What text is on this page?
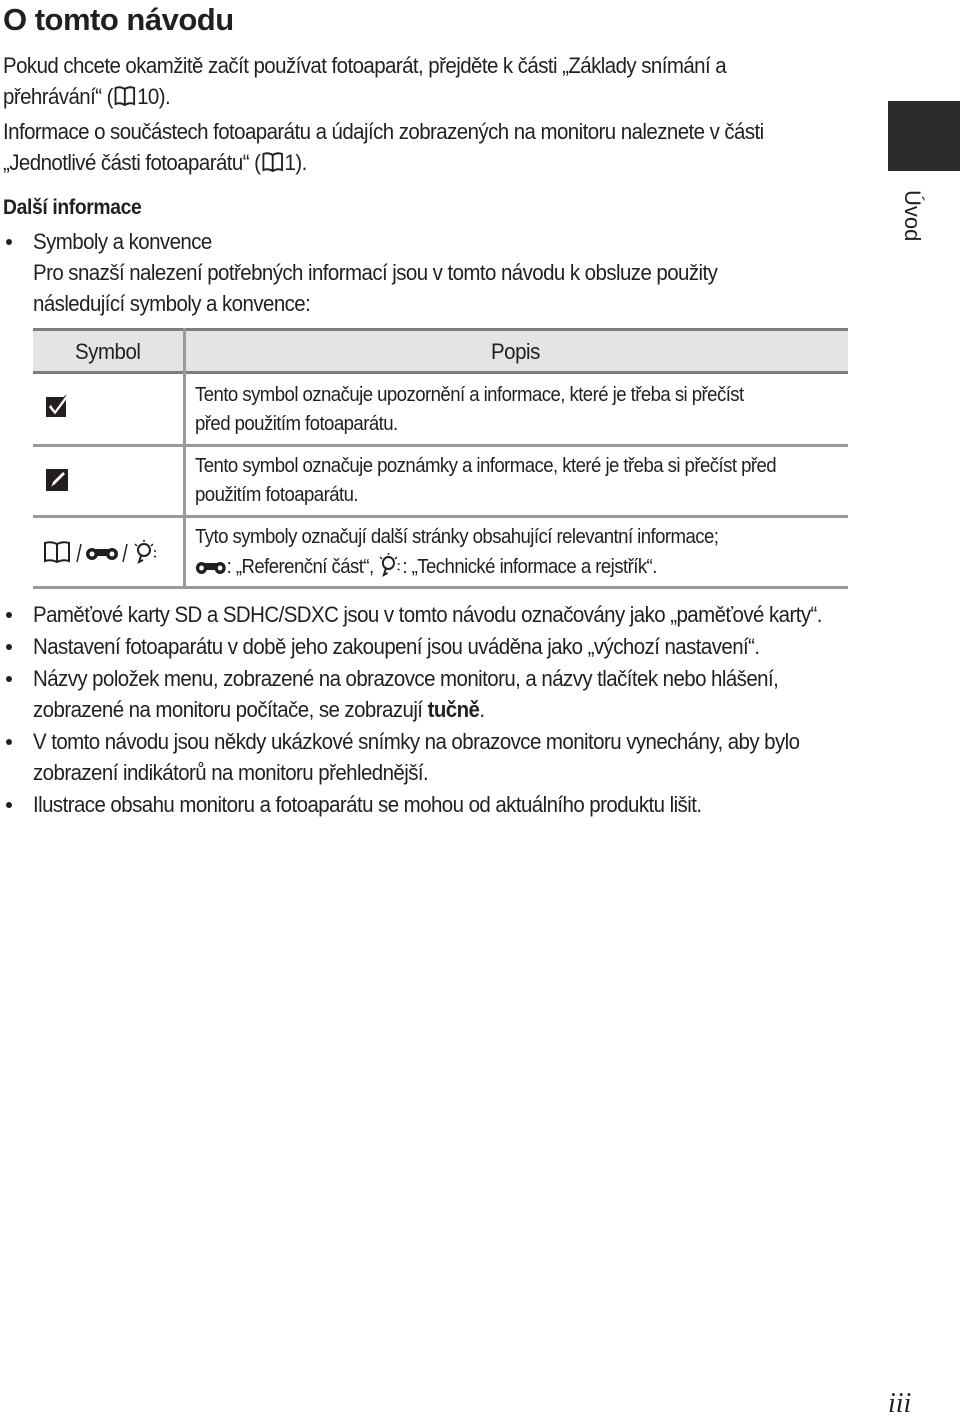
O tomto návodu
Pokud chcete okamžitě začít používat fotoaparát, přejděte k části „Základy snímání a
přehrávání“ ( 10).
Informace o součástech fotoaparátu a údajích zobrazených na monitoru naleznete v části
„Jednotlivé části fotoaparátu“ ( 1).
Další informace
Symboly a konvence
Pro snazší nalezení potřebných informací jsou v tomto návodu k obsluze použity
následující symboly a konvence:
Symbol	Popis
Tento symbol označuje upozornění a informace, které je třeba si přečíst
před použitím fotoaparátu.
Tento symbol označuje poznámky a informace, které je třeba si přečíst před
použitím fotoaparátu.
Tyto symboly označují další stránky obsahující relevantní informace;
: „Referenční část“, : „Technické informace a rejstřík“.
Paměťové karty SD a SDHC/SDXC jsou v tomto návodu označovány jako „paměťové karty“.
Nastavení fotoaparátu v době jeho zakoupení jsou uváděna jako „výchozí nastavení“.
Názvy položek menu, zobrazené na obrazovce monitoru, a názvy tlačítek nebo hlášení,
zobrazené na monitoru počítače, se zobrazují tučně.
V tomto návodu jsou někdy ukázkové snímky na obrazovce monitoru vynechány, aby bylo
zobrazení indikátorů na monitoru přehlednější.
Ilustrace obsahu monitoru a fotoaparátu se mohou od aktuálního produktu lišit.
Úvod
iii
